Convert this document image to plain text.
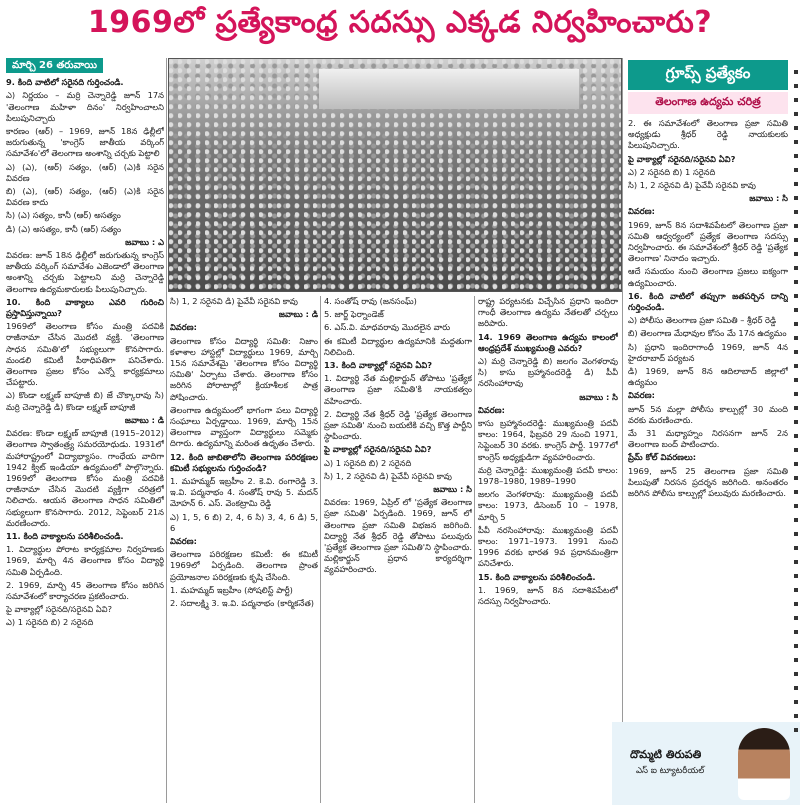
1969లో ప్రత్యేకాంధ్ర సదస్సు ఎక్కడ నిర్వహించారు?
మార్చి 26 తరువాయి

9. కింది వాటిలో సరైనది గుర్తించండి.

ఎ) నిర్ణయం – మర్రి చెన్నారెడ్డి జూన్ 17న 'తెలంగాణ మహిళా దినం' నిర్వహించాలని పిలుపునిచ్చారు

కారణం (ఆర్) – 1969, జూన్ 18న ఢిల్లీలో జరుగుతున్న 'కాంగ్రెస్ జాతీయ వర్కింగ్ సమావేశం'లో తెలంగాణ అంశాన్ని చర్చకు పెట్టాలి

ఎ) (ఎ), (ఆర్) సత్యం, (ఆర్) (ఎ)కి సరైన వివరణ

బి) (ఎ), (ఆర్) సత్యం, (ఆర్) (ఎ)కి సరైన వివరణ కాదు

సి) (ఎ) సత్యం, కానీ (ఆర్) అసత్యం

డి) (ఎ) అసత్యం, కానీ (ఆర్) సత్యం

జవాబు : ఎ

వివరణ: జూన్ 18న ఢిల్లీలో జరుగుతున్న కాంగ్రెస్ జాతీయ వర్కింగ్ సమావేశం ఎజెండాలో తెలంగాణ అంశాన్ని చర్చకు పెట్టాలని మర్రి చెన్నారెడ్డి తెలంగాణ ఉద్యమకారులకు పిలుపునిచ్చారు.

10. కింది వాక్యాలు ఎవరి గురించి ప్రస్తావిస్తున్నాయి?

1969లో తెలంగాణ కోసం మంత్రి పదవికి రాజీనామా చేసిన మొదటి వ్యక్తి. 'తెలంగాణ సాధన సమితి'లో సభ్యులుగా కొనసాగారు. మండలి కమిటీ పీఠాధిపతిగా పనిచేశారు. తెలంగాణ ప్రజల కోసం ఎన్నో కార్యక్రమాలు చేపట్టారు.

ఎ) కొండా లక్ష్మణ్ బాపూజీ బి) జే చొక్కారావు సి) మర్రి చెన్నారెడ్డి డి) కొండా లక్ష్మణ్ బాపూజీ

జవాబు : డి

వివరణ: కొండా లక్ష్మణ్ బాపూజీ (1915–2012) తెలంగాణ స్వాతంత్ర్య సమరయోధుడు. 1931లో మహారాష్ట్రంలో విద్యాభ్యాసం. గాంధేయ వాదిగా 1942 క్విట్ ఇండియా ఉద్యమంలో పాల్గొన్నారు. 1969లో తెలంగాణ కోసం మంత్రి పదవికి రాజీనామా చేసిన మొదటి వ్యక్తిగా చరిత్రలో నిలిచారు. ఆయన తెలంగాణ సాధన సమితిలో సభ్యులుగా కొనసాగారు. 2012, సెప్టెంబర్ 21న మరణించారు.

11. కింది వాక్యాలను పరిశీలించండి.

1. విద్యార్థుల పోరాట కార్యక్రమాల నిర్వహణకు 1969, మార్చి 4న తెలంగాణ కోసం విద్యార్థి సమితి ఏర్పడింది.

2. 1969, మార్చి 45 తెలంగాణ కోసం జరిగిన సమావేశంలో కార్యాచరణ ప్రకటించారు.

పై వాక్యాల్లో సరైనది/సరైనవి ఏవి?

ఎ) 1 సరైనది బి) 2 సరైనది

సి) 1, 2 సరైనవి డి) పైవేవీ సరైనవి కావు

జవాబు : డి

వివరణ:

తెలంగాణ కోసం విద్యార్థి సమితి: నిజాం కళాశాల హాస్టల్లో విద్యార్థులు 1969, మార్చి 15న సమావేశమై 'తెలంగాణ కోసం విద్యార్థి సమితి' ఏర్పాటు చేశారు. తెలంగాణ కోసం జరిగిన పోరాటాల్లో క్రియాశీలక పాత్ర పోషించారు.

తెలంగాణ ఉద్యమంలో భాగంగా పలు విద్యార్థి సంఘాలు ఏర్పడ్డాయి. 1969, మార్చి 15న తెలంగాణ వ్యాప్తంగా విద్యార్థులు సమ్మెకు దిగారు. ఉద్యమాన్ని మరింత ఉధృతం చేశారు.

12. కింది జాబితాలోని తెలంగాణ పరిరక్షణల కమిటీ సభ్యులను గుర్తించండి?

1. మహమ్మద్ ఇబ్రహీం 2. కె.వి. రంగారెడ్డి 3. ఇ.వి. పద్మనాభం 4. సంతోష్ రావు 5. మదన్ మోహన్ 6. ఎస్. వెంకట్రామి రెడ్డి

ఎ) 1, 5, 6 బి) 2, 4, 6 సి) 3, 4, 6 డి) 5, 6

వివరణ:

తెలంగాణ పరిరక్షణల కమిటీ: ఈ కమిటీ 1969లో ఏర్పడింది. తెలంగాణ ప్రాంత ప్రయోజనాల పరిరక్షణకు కృషి చేసింది.

1. మహమ్మద్ ఇబ్రహీం (సోషలిస్ట్ పార్టీ)

2. సదాలక్ష్మి 3. ఇ.వి. పద్మనాభం (కార్మికనేత)

4. సంతోష్ రావు (జనసంఘ్)

5. జార్జ్ ఫెర్నాండెజ్

6. ఎస్.వి. మాధవరావు మొదలైన వారు

ఈ కమిటీ విద్యార్థుల ఉద్యమానికి మద్దతుగా నిలిచింది.

13. కింది వాక్యాల్లో సరైనవి ఏవి?

1. విద్యార్థి నేత మల్లికార్జున్ తోపాటు 'ప్రత్యేక తెలంగాణ ప్రజా సమితి'కి నాయకత్వం వహించారు.

2. విద్యార్థి నేత శ్రీధర్ రెడ్డి 'ప్రత్యేక తెలంగాణ ప్రజా సమితి' నుంచి బయటికి వచ్చి కొత్త పార్టీని స్థాపించారు.

పై వాక్యాల్లో సరైనది/సరైనవి ఏవి?

ఎ) 1 సరైనది బి) 2 సరైనది

సి) 1, 2 సరైనవి డి) పైవేవీ సరైనవి కావు

జవాబు : సి

వివరణ: 1969, ఏప్రిల్ లో 'ప్రత్యేక తెలంగాణ ప్రజా సమితి' ఏర్పడింది. 1969, జూన్ లో తెలంగాణ ప్రజా సమితి విభజన జరిగింది. విద్యార్థి నేత శ్రీధర్ రెడ్డి తోపాటు పలువురు 'ప్రత్యేక తెలంగాణ ప్రజా సమితి'ని స్థాపించారు. మల్లికార్జున్ ప్రధాన కార్యదర్శిగా వ్యవహరించారు.

రాష్ట్ర పర్యటనకు విచ్చేసిన ప్రధాని ఇందిరా గాంధీ తెలంగాణ ఉద్యమ నేతలతో చర్చలు జరిపారు.

14. 1969 తెలంగాణ ఉద్యమ కాలంలో ఆంధ్రప్రదేశ్ ముఖ్యమంత్రి ఎవరు?

ఎ) మర్రి చెన్నారెడ్డి బి) జలగం వెంగళరావు సి) కాసు బ్రహ్మానందరెడ్డి డి) పీవీ నరసింహారావు

జవాబు : సి

వివరణ:

కాసు బ్రహ్మానందరెడ్డి: ముఖ్యమంత్రి పదవీ కాలం: 1964, ఫిబ్రవరి 29 నుంచి 1971, సెప్టెంబర్ 30 వరకు. కాంగ్రెస్ పార్టీ. 1977లో కాంగ్రెస్ అధ్యక్షుడిగా వ్యవహరించారు.

మర్రి చెన్నారెడ్డి: ముఖ్యమంత్రి పదవీ కాలం: 1978–1980, 1989–1990

జలగం వెంగళరావు: ముఖ్యమంత్రి పదవీ కాలం: 1973, డిసెంబర్ 10 – 1978, మార్చి 5

పీవీ నరసింహారావు: ముఖ్యమంత్రి పదవీ కాలం: 1971–1973. 1991 నుంచి 1996 వరకు భారత 9వ ప్రధానమంత్రిగా పనిచేశారు.

15. కింది వాక్యాలను పరిశీలించండి.

1. 1969, జూన్ 8న సదాశివపేటలో సదస్సు నిర్వహించారు.

గ్రూప్స్ ప్రత్యేకం
తెలంగాణ ఉద్యమ చరిత్ర

2. ఈ సమావేశంలో తెలంగాణ ప్రజా సమితి అధ్యక్షుడు శ్రీధర్ రెడ్డి నాయకులకు పిలుపునిచ్చారు.

పై వాక్యాల్లో సరైనది/సరైనవి ఏవి?

ఎ) 2 సరైనది బి) 1 సరైనది

సి) 1, 2 సరైనవి డి) పైవేవీ సరైనవి కావు

జవాబు : సి

వివరణ:

1969, జూన్ 8న సదాశివపేటలో తెలంగాణ ప్రజా సమితి ఆధ్వర్యంలో ప్రత్యేక తెలంగాణ సదస్సు నిర్వహించారు. ఈ సమావేశంలో శ్రీధర్ రెడ్డి 'ప్రత్యేక తెలంగాణ' నినాదం ఇచ్చారు.

ఆదే సమయం నుంచి తెలంగాణ ప్రజలు ఐక్యంగా ఉద్యమించారు.

16. కింది వాటిలో తప్పుగా జతపర్చిన దాన్ని గుర్తించండి.

ఎ) పోలీసు తెలంగాణ ప్రజా సమితి – శ్రీధర్ రెడ్డి

బి) తెలంగాణ మేధావుల కోసం మే 17న ఉద్యమం

సి) ప్రధాని ఇందిరాగాంధీ 1969, జూన్ 4న హైదరాబాద్ పర్యటన

డి) 1969, జూన్ 8న ఆదిలాబాద్ జిల్లాలో ఉద్యమం

వివరణ:

జూన్ 5న మల్లా పోలీసు కాల్పుల్లో 30 మంది వరకు మరణించారు.

మే 31 మధ్యాహ్నం నిరసనగా జూన్ 2న తెలంగాణ బంద్ పాటించారు.

ప్రేమ్ కోల్ వివరణలు:

1969, జూన్ 25 తెలంగాణ ప్రజా సమితి పిలుపుతో నిరసన ప్రదర్శన జరిగింది. అనంతరం జరిగిన పోలీసు కాల్పుల్లో పలువురు మరణించారు.

దొమ్మటి తిరుపతి
ఎస్ ఐ ట్యూటరీయల్
